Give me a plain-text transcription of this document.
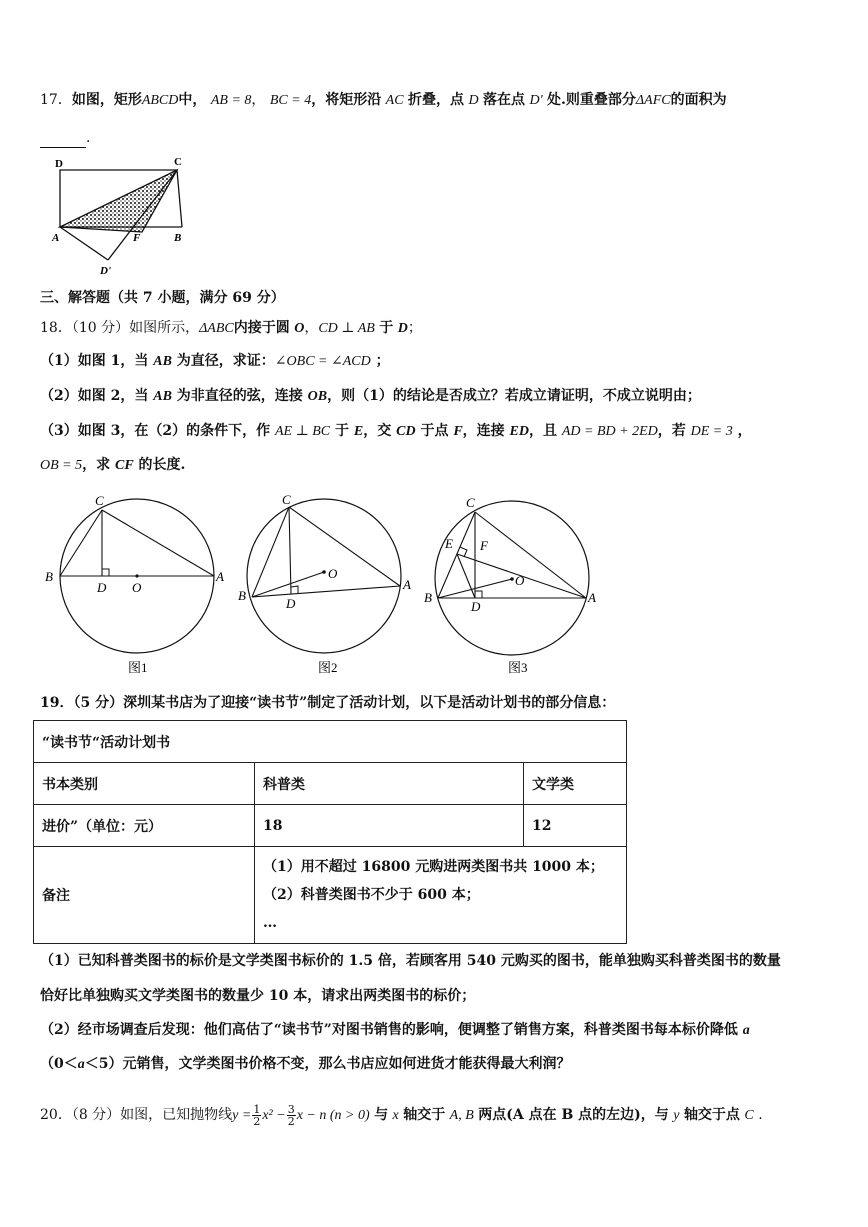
17．如图，矩形ABCD中， AB = 8， BC = 4，将矩形沿 AC 折叠，点 D 落在点 D' 处.则重叠部分ΔAFC的面积为
.
D	C
A	F	B
D'
三、解答题（共 7 小题，满分 69 分）
18．（10 分）如图所示，ΔABC内接于圆 O，CD ⊥ AB 于 D；
（1）如图 1，当 AB 为直径，求证：∠OBC = ∠ACD ；
（2）如图 2，当 AB 为非直径的弦，连接 OB，则（1）的结论是否成立？若成立请证明，不成立说明由；
（3）如图 3，在（2）的条件下，作 AE ⊥ BC 于 E，交 CD 于点 F，连接 ED，且 AD = BD + 2ED，若 DE = 3 ，
OB = 5，求 CF 的长度.
C
B
D O
A
图1
C
O
B
D
A
图2
C
E F
O
B
D
A
图3
19．（5 分）深圳某书店为了迎接“读书节”制定了活动计划，以下是活动计划书的部分信息：
“读书节“活动计划书		
书本类别	科普类	文学类
进价”（单位：元）	18	12
备注	（1）用不超过 16800 元购进两类图书共 1000 本；
（2）科普类图书不少于 600 本；
…	
（1）已知科普类图书的标价是文学类图书标价的 1.5 倍，若顾客用 540 元购买的图书，能单独购买科普类图书的数量
恰好比单独购买文学类图书的数量少 10 本，请求出两类图书的标价；
（2）经市场调查后发现：他们高估了“读书节”对图书销售的影响，便调整了销售方案，科普类图书每本标价降低 a
（0＜a＜5）元销售，文学类图书价格不变，那么书店应如何进货才能获得最大利润？
20．（8 分）如图，已知抛物线$y = \frac{1}{2} x^2 - \frac{3}{2}$ x − n (n > 0) 与 x 轴交于 A, B 两点(A 点在 B 点的左边)，与 y 轴交于点 C .
